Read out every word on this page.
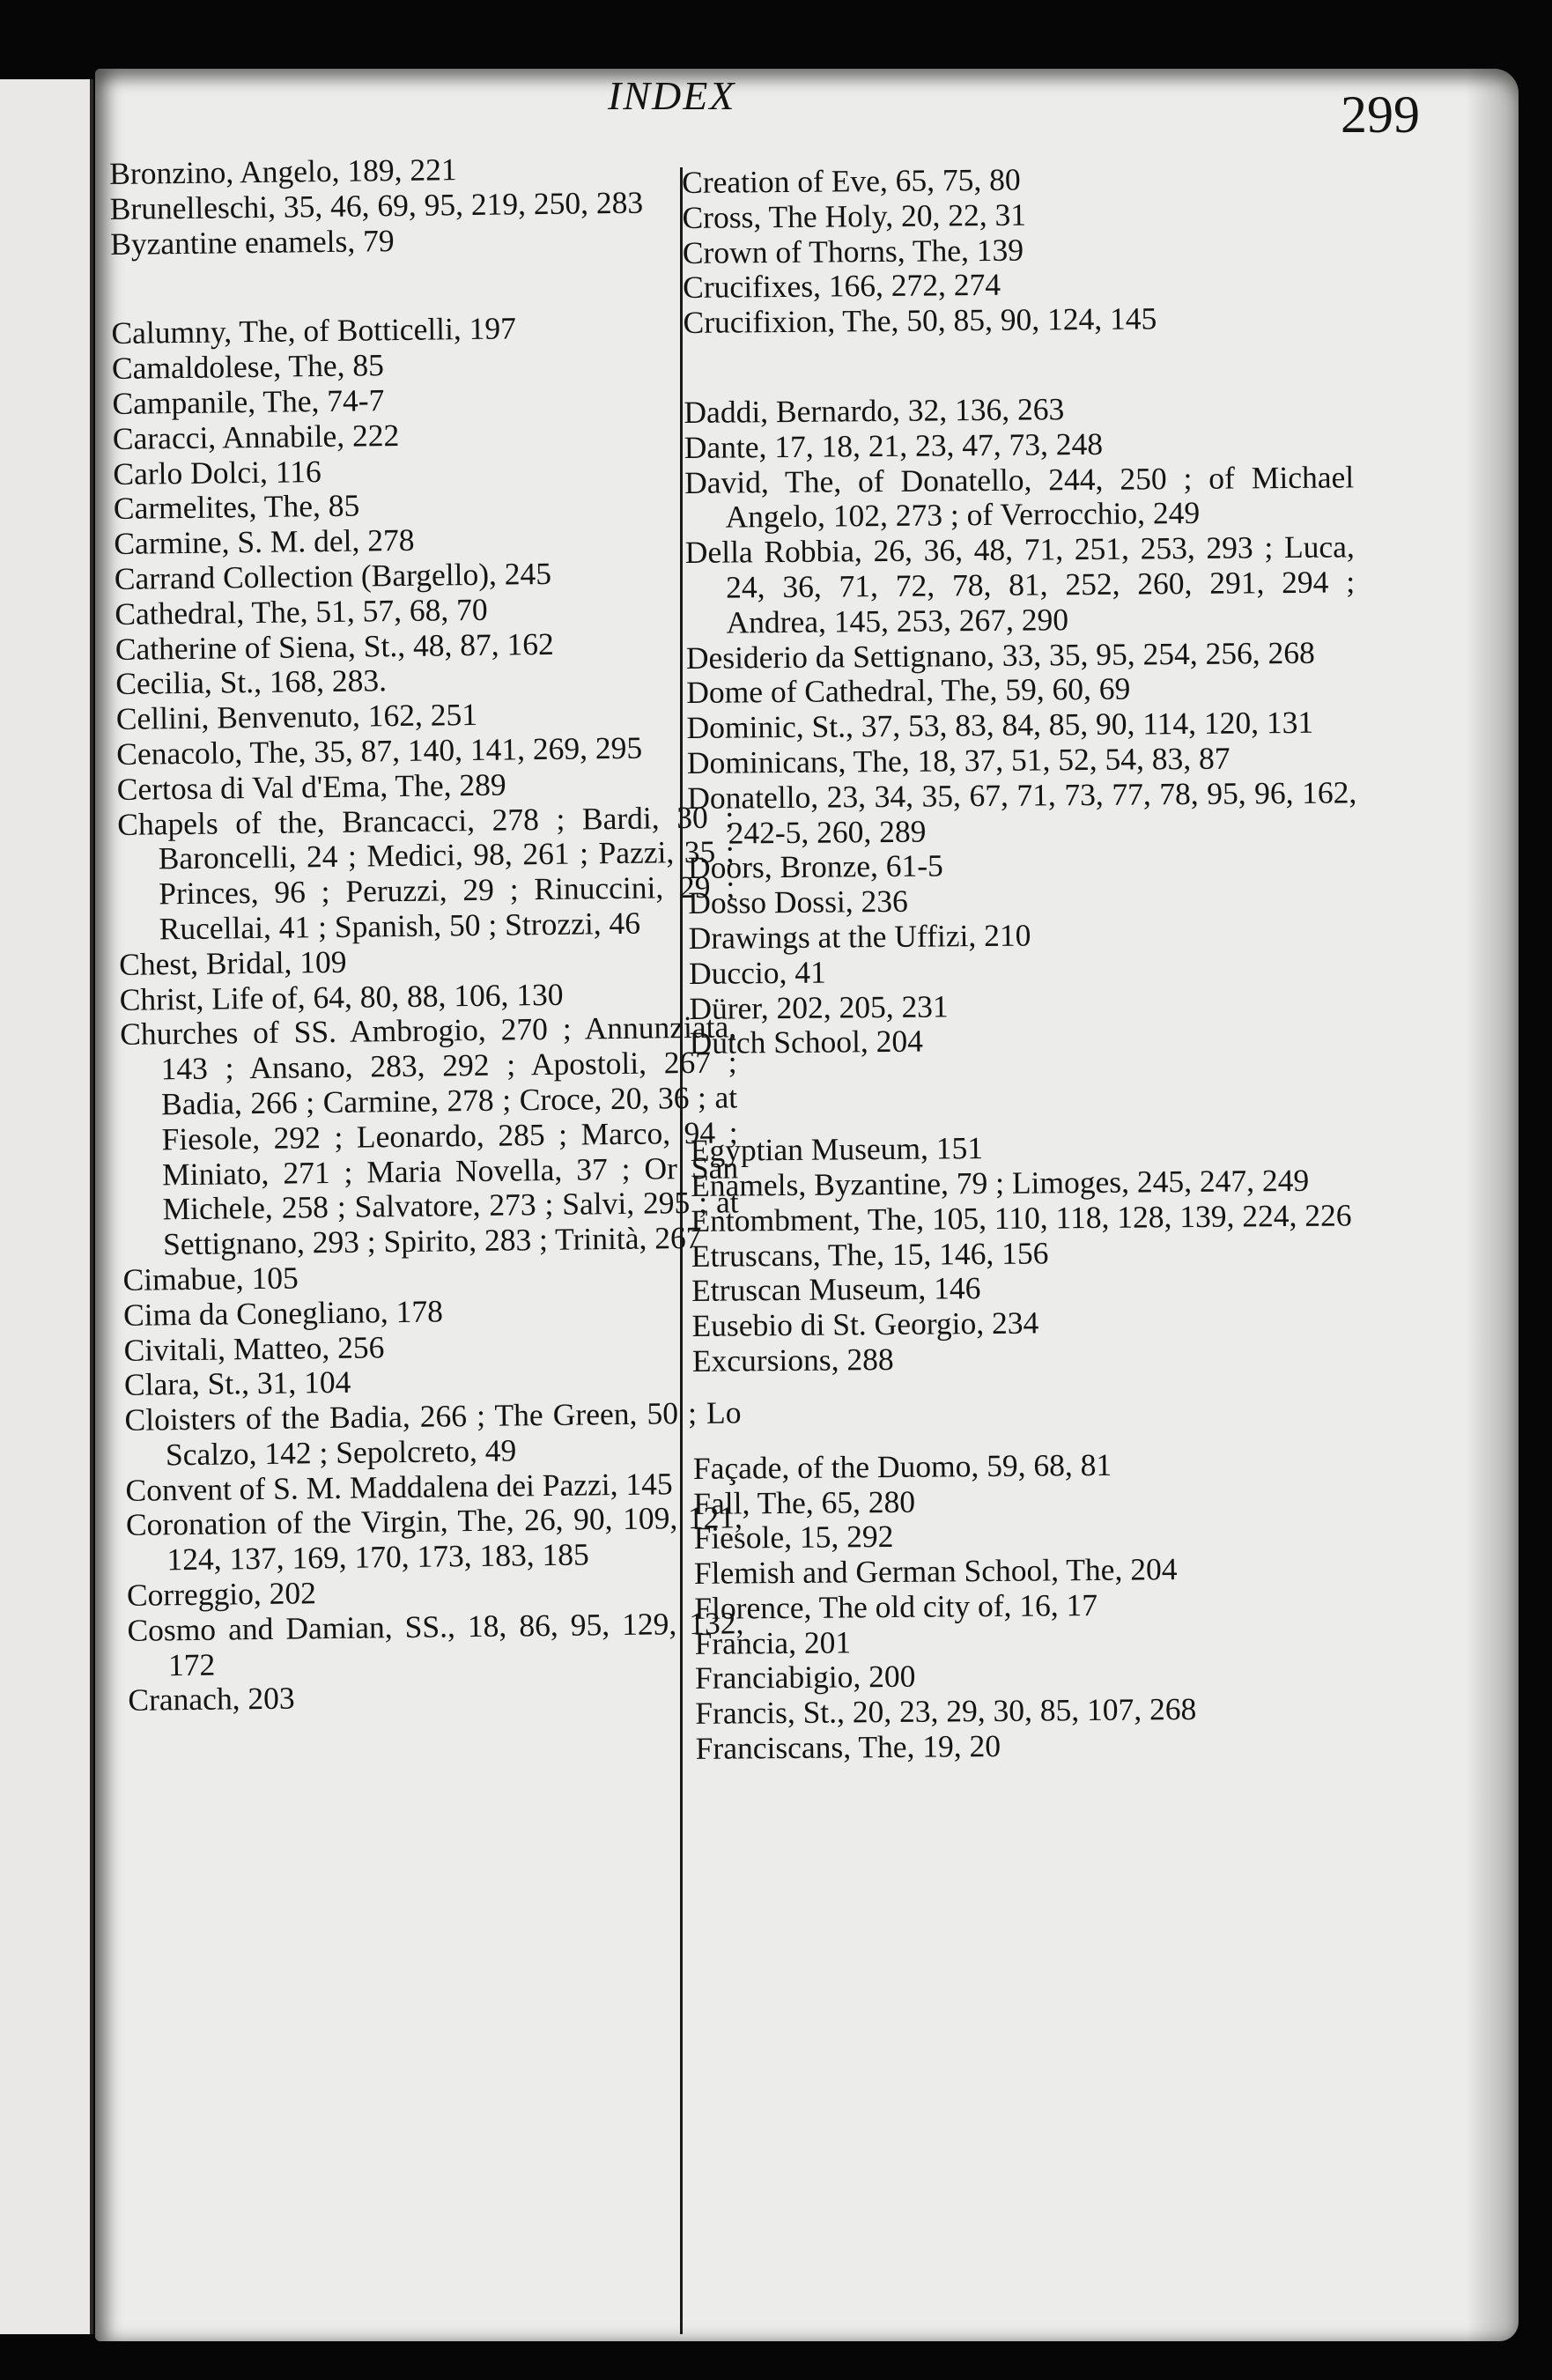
INDEX	299
Bronzino, Angelo, 189, 221
Brunelleschi, 35, 46, 69, 95, 219, 250, 283
Byzantine enamels, 79
Calumny, The, of Botticelli, 197
Camaldolese, The, 85
Campanile, The, 74-7
Caracci, Annabile, 222
Carlo Dolci, 116
Carmelites, The, 85
Carmine, S. M. del, 278
Carrand Collection (Bargello), 245
Cathedral, The, 51, 57, 68, 70
Catherine of Siena, St., 48, 87, 162
Cecilia, St., 168, 283.
Cellini, Benvenuto, 162, 251
Cenacolo, The, 35, 87, 140, 141, 269, 295
Certosa di Val d'Ema, The, 289
Chapels of the, Brancacci, 278 ; Bardi, 30 ; Baroncelli, 24 ; Medici, 98, 261 ; Pazzi, 35 ; Princes, 96 ; Peruzzi, 29 ; Rinuccini, 29 ; Rucellai, 41 ; Spanish, 50 ; Strozzi, 46
Chest, Bridal, 109
Christ, Life of, 64, 80, 88, 106, 130
Churches of SS. Ambrogio, 270 ; Annunziata, 143 ; Ansano, 283, 292 ; Apostoli, 267 ; Badia, 266 ; Carmine, 278 ; Croce, 20, 36 ; at Fiesole, 292 ; Leonardo, 285 ; Marco, 94 ; Miniato, 271 ; Maria Novella, 37 ; Or San Michele, 258 ; Salvatore, 273 ; Salvi, 295 ; at Settignano, 293 ; Spirito, 283 ; Trinità, 267
Cimabue, 105
Cima da Conegliano, 178
Civitali, Matteo, 256
Clara, St., 31, 104
Cloisters of the Badia, 266 ; The Green, 50 ; Lo Scalzo, 142 ; Sepolcreto, 49
Convent of S. M. Maddalena dei Pazzi, 145
Coronation of the Virgin, The, 26, 90, 109, 121, 124, 137, 169, 170, 173, 183, 185
Correggio, 202
Cosmo and Damian, SS., 18, 86, 95, 129, 132, 172
Cranach, 203
Creation of Eve, 65, 75, 80
Cross, The Holy, 20, 22, 31
Crown of Thorns, The, 139
Crucifixes, 166, 272, 274
Crucifixion, The, 50, 85, 90, 124, 145
Daddi, Bernardo, 32, 136, 263
Dante, 17, 18, 21, 23, 47, 73, 248
David, The, of Donatello, 244, 250 ; of Michael Angelo, 102, 273 ; of Verrocchio, 249
Della Robbia, 26, 36, 48, 71, 251, 253, 293 ; Luca, 24, 36, 71, 72, 78, 81, 252, 260, 291, 294 ; Andrea, 145, 253, 267, 290
Desiderio da Settignano, 33, 35, 95, 254, 256, 268
Dome of Cathedral, The, 59, 60, 69
Dominic, St., 37, 53, 83, 84, 85, 90, 114, 120, 131
Dominicans, The, 18, 37, 51, 52, 54, 83, 87
Donatello, 23, 34, 35, 67, 71, 73, 77, 78, 95, 96, 162, 242-5, 260, 289
Doors, Bronze, 61-5
Dosso Dossi, 236
Drawings at the Uffizi, 210
Duccio, 41
Dürer, 202, 205, 231
Dutch School, 204
Egyptian Museum, 151
Enamels, Byzantine, 79 ; Limoges, 245, 247, 249
Entombment, The, 105, 110, 118, 128, 139, 224, 226
Etruscans, The, 15, 146, 156
Etruscan Museum, 146
Eusebio di St. Georgio, 234
Excursions, 288
Façade, of the Duomo, 59, 68, 81
Fall, The, 65, 280
Fiesole, 15, 292
Flemish and German School, The, 204
Florence, The old city of, 16, 17
Francia, 201
Franciabigio, 200
Francis, St., 20, 23, 29, 30, 85, 107, 268
Franciscans, The, 19, 20
